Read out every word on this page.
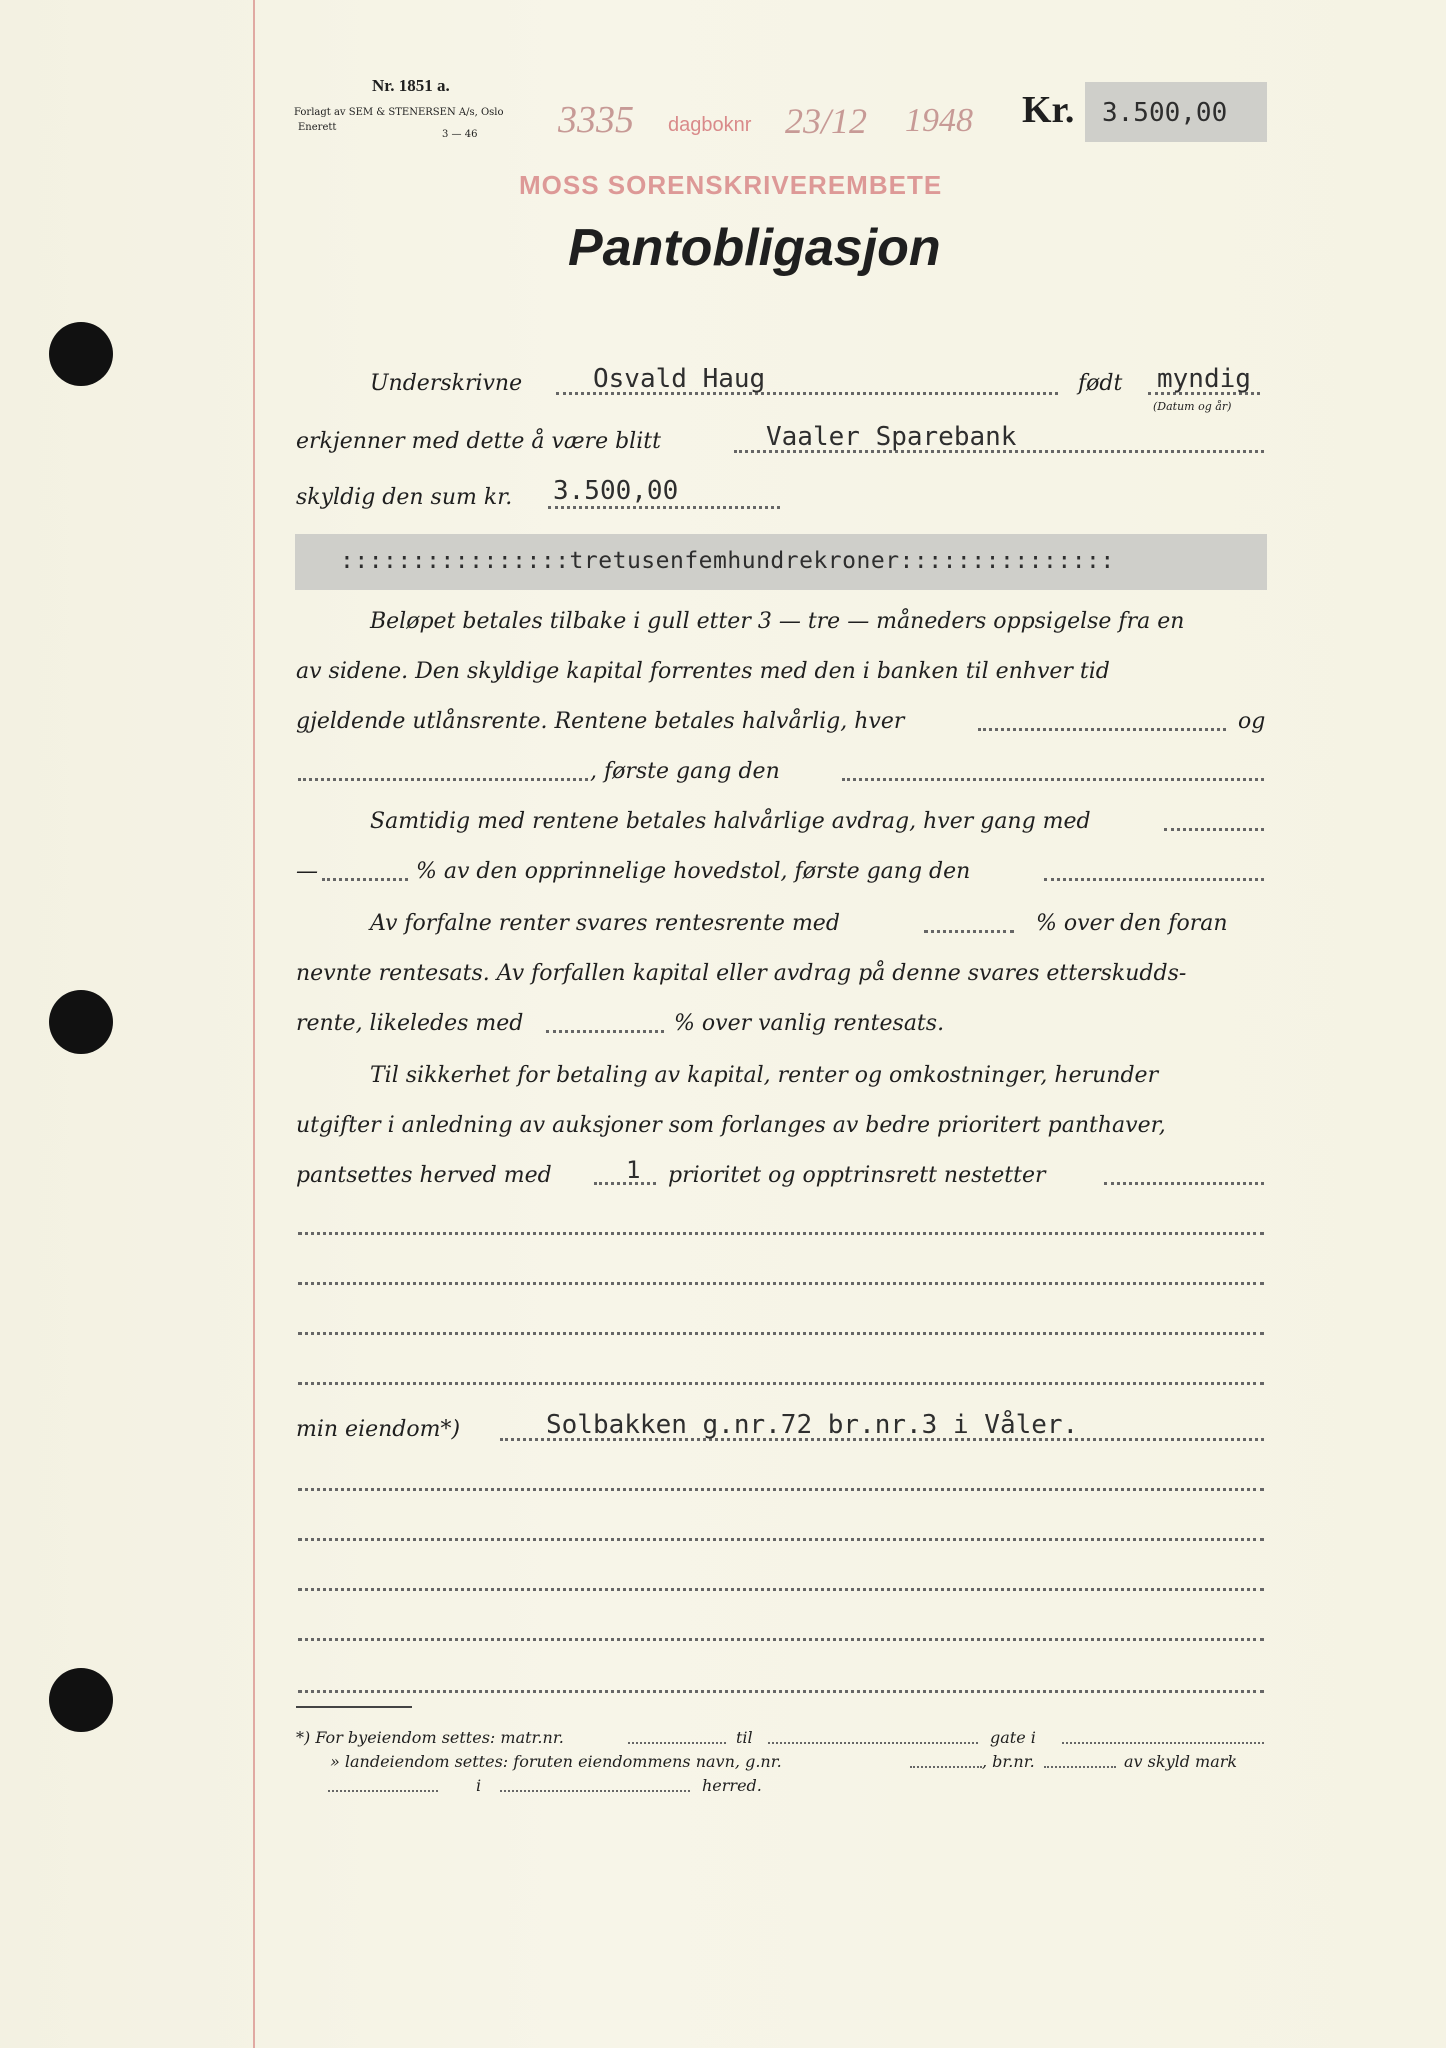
Nr. 1851 a.
Forlagt av SEM & STENERSEN A/s, Oslo
Enerett
3 — 46 3335 dagboknr 23/12 1948
MOSS SORENSKRIVEREMBETE
Kr. 3.500,00
Pantobligasjon
Underskrivne	Osvald Haug	født myndig
(Datum og år)
erkjenner med dette å være blitt	Vaaler Sparebank
skyldig den sum kr. 3.500,00
::::::::::::::::tretusenfemhundrekroner:::::::::::::::
Beløpet betales tilbake i gull etter 3 — tre — måneders oppsigelse fra en
av sidene. Den skyldige kapital forrentes med den i banken til enhver tid
gjeldende utlånsrente. Rentene betales halvårlig, hver	og
, første gang den
Samtidig med rentene betales halvårlige avdrag, hver gang med
—	% av den opprinnelige hovedstol, første gang den
Av forfalne renter svares rentesrente med	% over den foran
nevnte rentesats. Av forfallen kapital eller avdrag på denne svares etterskudds-
rente, likeledes med	% over vanlig rentesats.
Til sikkerhet for betaling av kapital, renter og omkostninger, herunder
utgifter i anledning av auksjoner som forlanges av bedre prioritert panthaver,
pantsettes herved med	1 prioritet og opptrinsrett nestetter
min eiendom*)	Solbakken g.nr.72 br.nr.3 i Våler.
*) For byeiendom settes: matr.nr.	til	gate i
» landeiendom settes: foruten eiendommens navn, g.nr.	, br.nr.	av skyld mark
i	herred.
